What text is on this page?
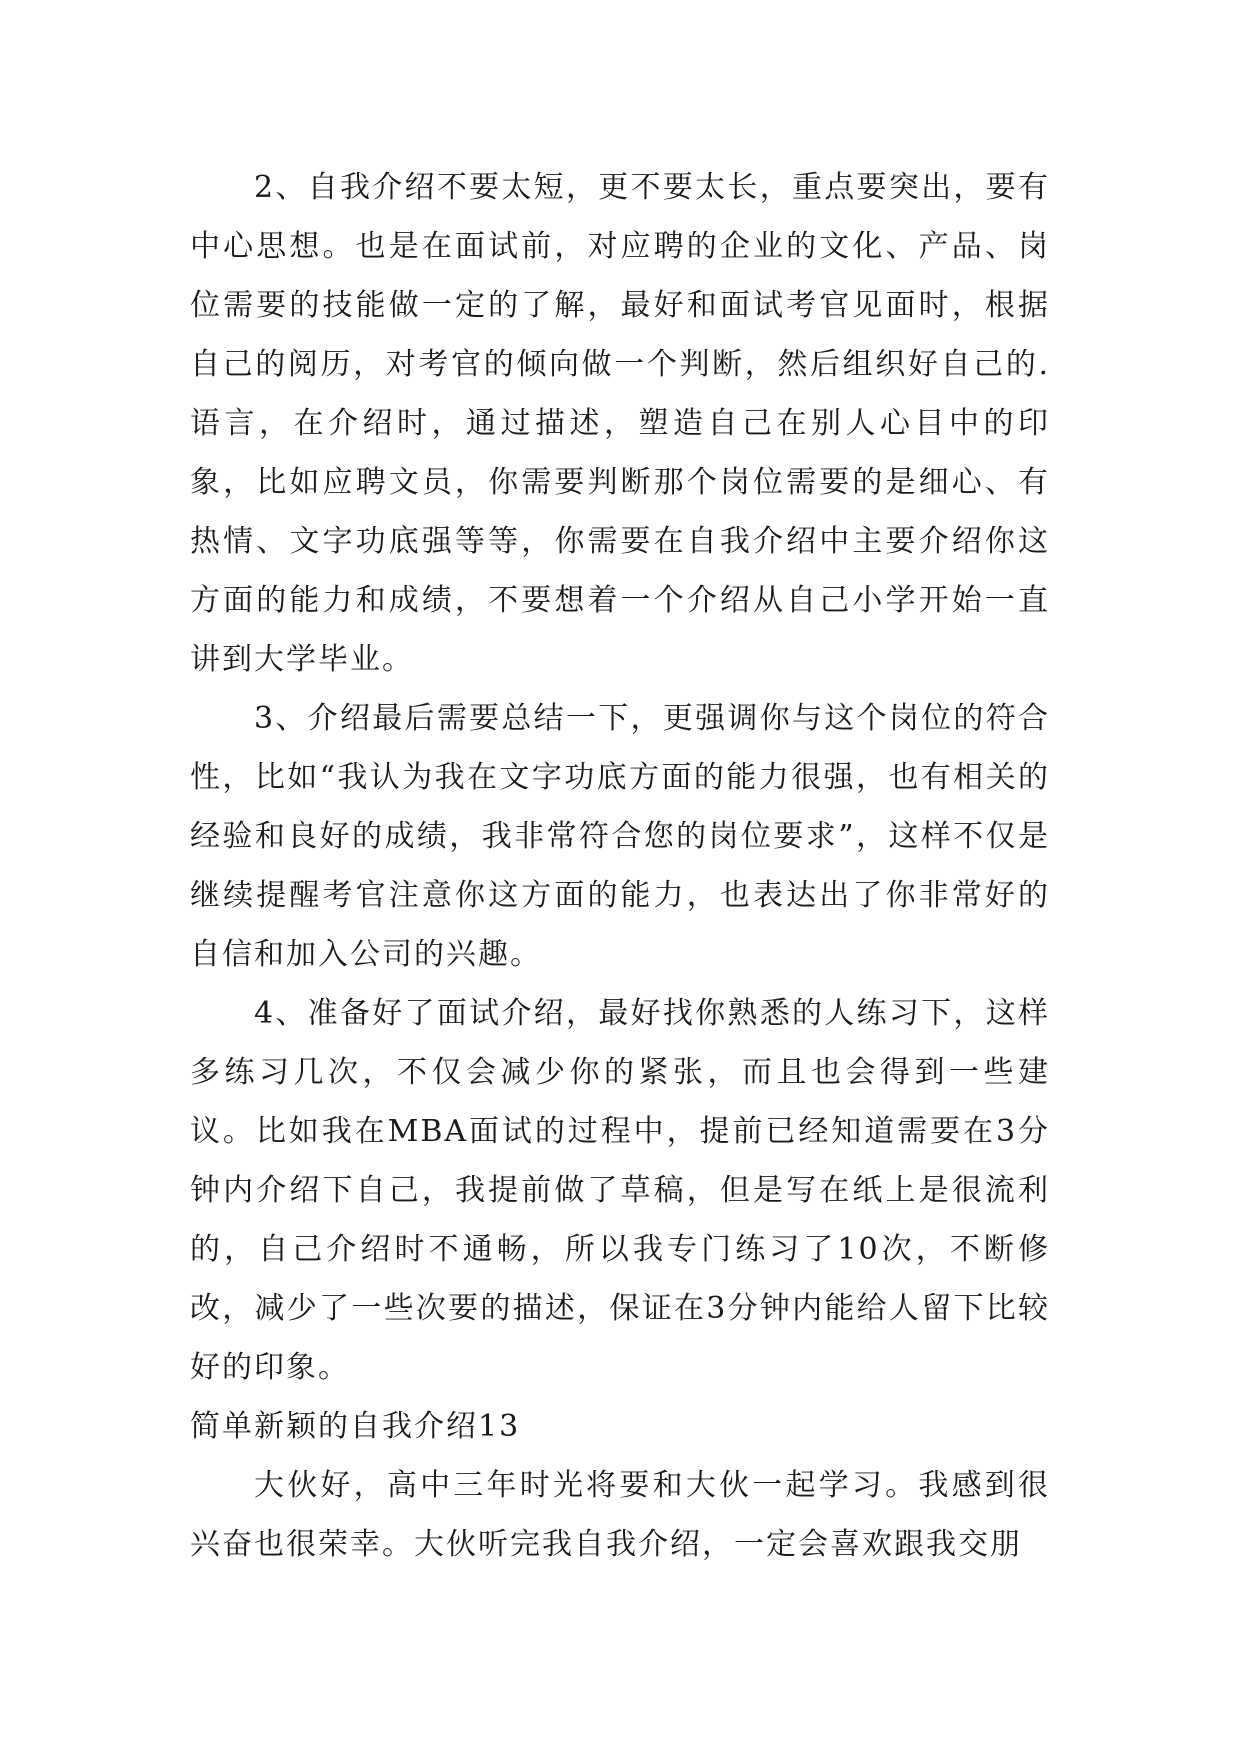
2、自我介绍不要太短，更不要太长，重点要突出，要有中心思想。也是在面试前，对应聘的企业的文化、产品、岗位需要的技能做一定的了解，最好和面试考官见面时，根据自己的阅历，对考官的倾向做一个判断，然后组织好自己的.语言，在介绍时，通过描述，塑造自己在别人心目中的印象，比如应聘文员，你需要判断那个岗位需要的是细心、有热情、文字功底强等等，你需要在自我介绍中主要介绍你这方面的能力和成绩，不要想着一个介绍从自己小学开始一直讲到大学毕业。

3、介绍最后需要总结一下，更强调你与这个岗位的符合性，比如“我认为我在文字功底方面的能力很强，也有相关的经验和良好的成绩，我非常符合您的岗位要求”，这样不仅是继续提醒考官注意你这方面的能力，也表达出了你非常好的自信和加入公司的兴趣。

4、准备好了面试介绍，最好找你熟悉的人练习下，这样多练习几次，不仅会减少你的紧张，而且也会得到一些建议。比如我在MBA面试的过程中，提前已经知道需要在3分钟内介绍下自己，我提前做了草稿，但是写在纸上是很流利的，自己介绍时不通畅，所以我专门练习了10次，不断修改，减少了一些次要的描述，保证在3分钟内能给人留下比较好的印象。

简单新颖的自我介绍13

大伙好，高中三年时光将要和大伙一起学习。我感到很兴奋也很荣幸。大伙听完我自我介绍，一定会喜欢跟我交朋
